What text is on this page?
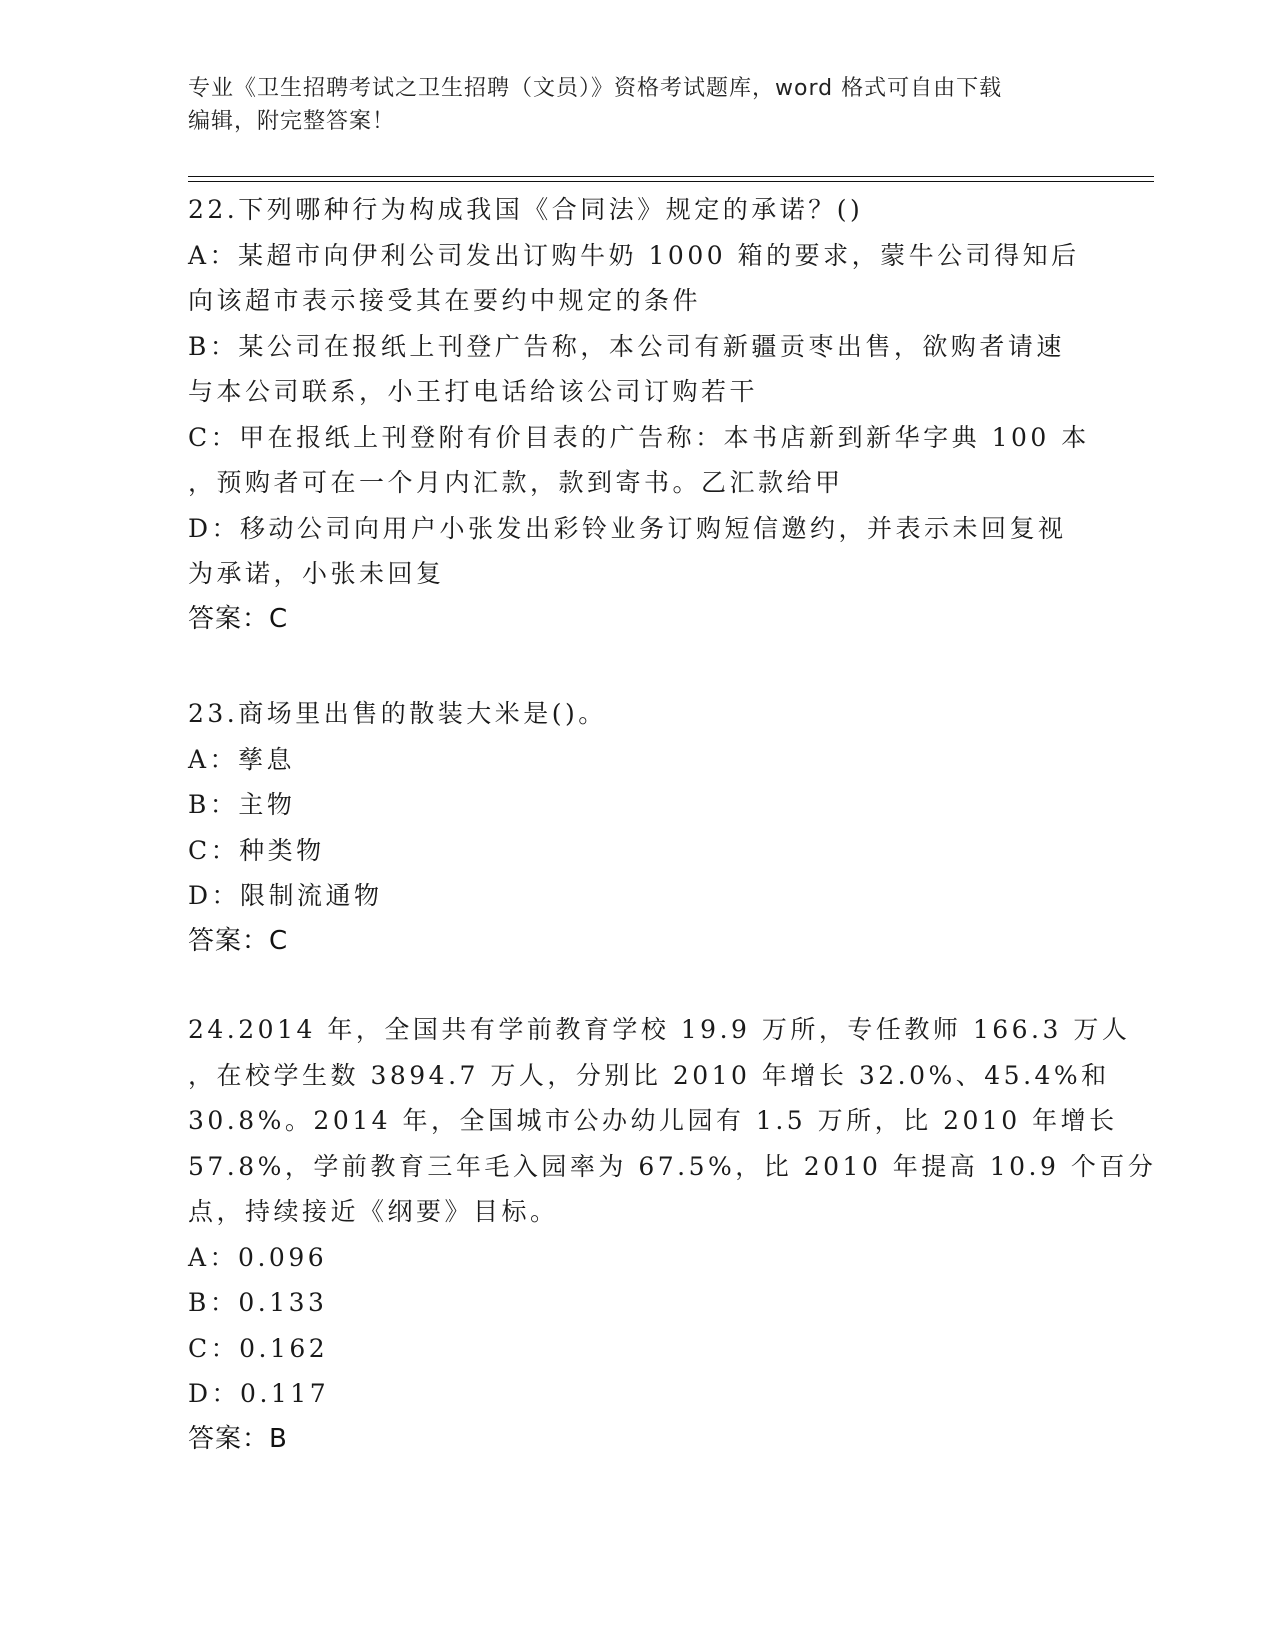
专业《卫生招聘考试之卫生招聘（文员）》资格考试题库，word 格式可自由下载
编辑，附完整答案！
22.下列哪种行为构成我国《合同法》规定的承诺？()
A：某超市向伊利公司发出订购牛奶 1000 箱的要求，蒙牛公司得知后
向该超市表示接受其在要约中规定的条件
B：某公司在报纸上刊登广告称，本公司有新疆贡枣出售，欲购者请速
与本公司联系，小王打电话给该公司订购若干
C：甲在报纸上刊登附有价目表的广告称：本书店新到新华字典 100 本
，预购者可在一个月内汇款，款到寄书。乙汇款给甲
D：移动公司向用户小张发出彩铃业务订购短信邀约，并表示未回复视
为承诺，小张未回复
答案：C
23.商场里出售的散装大米是()。
A：孳息
B：主物
C：种类物
D：限制流通物
答案：C
24.2014 年，全国共有学前教育学校 19.9 万所，专任教师 166.3 万人
，在校学生数 3894.7 万人，分别比 2010 年增长 32.0%、45.4%和
30.8%。2014 年，全国城市公办幼儿园有 1.5 万所，比 2010 年增长
57.8%，学前教育三年毛入园率为 67.5%，比 2010 年提高 10.9 个百分
点，持续接近《纲要》目标。
A：0.096
B：0.133
C：0.162
D：0.117
答案：B
